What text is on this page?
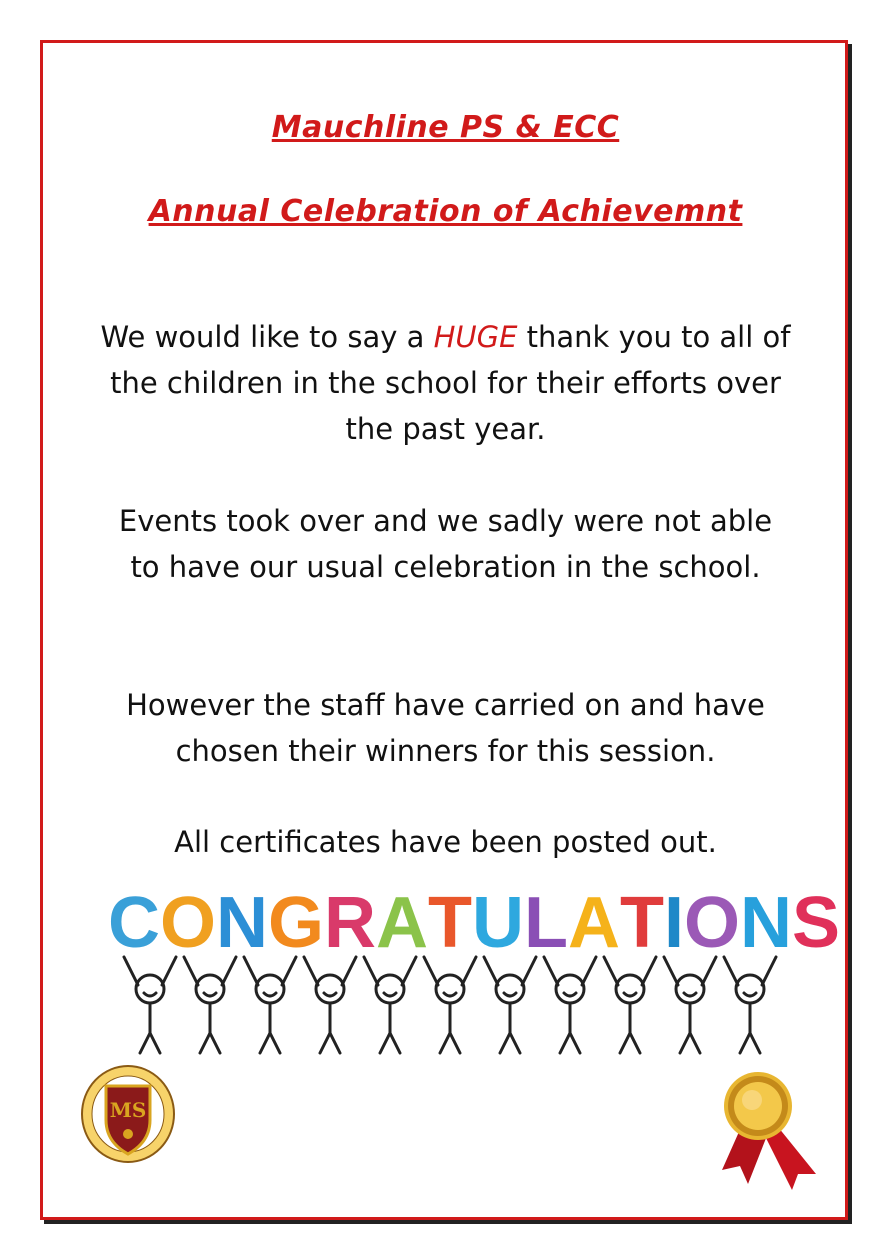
Mauchline PS & ECC
Annual Celebration of Achievemnt
We would like to say a HUGE thank you to all of the children in the school for their efforts over the past year.
Events took over and we sadly were not able to have our usual celebration in the school.
However the staff have carried on and have chosen their winners for this session.
All certificates have been posted out.
C O N G R A T U L A T I O N S
MS
